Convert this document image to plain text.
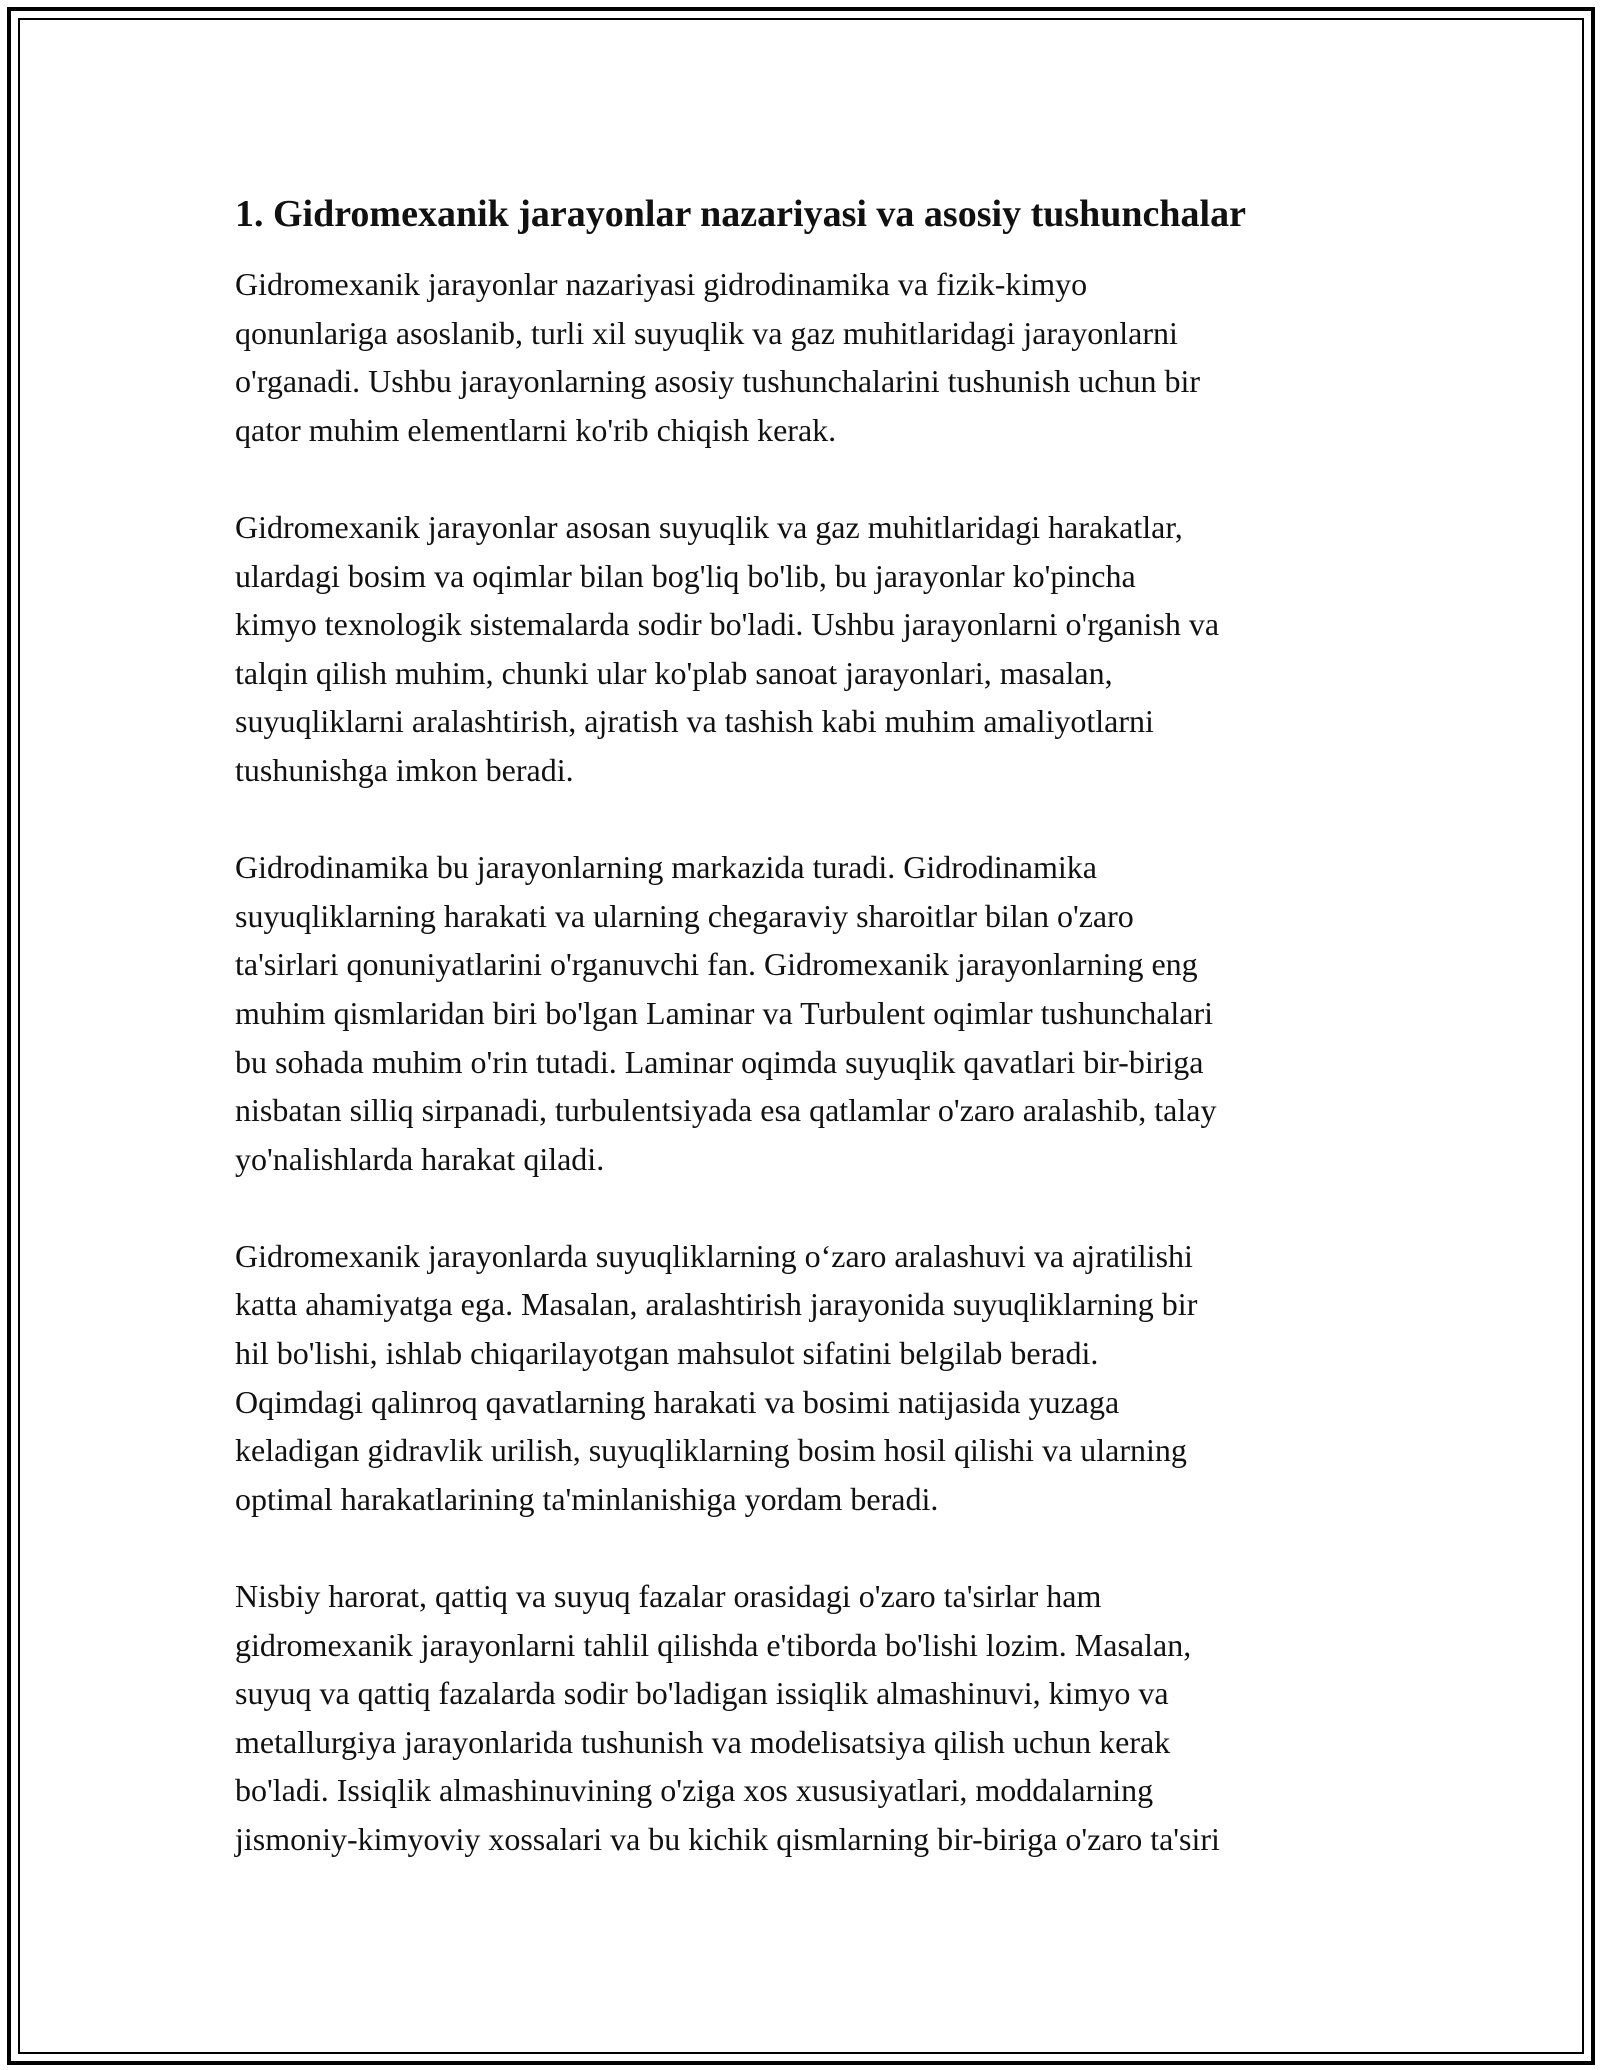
1. Gidromexanik jarayonlar nazariyasi va asosiy tushunchalar

Gidromexanik jarayonlar nazariyasi gidrodinamika va fizik-kimyo
qonunlariga asoslanib, turli xil suyuqlik va gaz muhitlaridagi jarayonlarni
o'rganadi. Ushbu jarayonlarning asosiy tushunchalarini tushunish uchun bir
qator muhim elementlarni ko'rib chiqish kerak.

Gidromexanik jarayonlar asosan suyuqlik va gaz muhitlaridagi harakatlar,
ulardagi bosim va oqimlar bilan bog'liq bo'lib, bu jarayonlar ko'pincha
kimyo texnologik sistemalarda sodir bo'ladi. Ushbu jarayonlarni o'rganish va
talqin qilish muhim, chunki ular ko'plab sanoat jarayonlari, masalan,
suyuqliklarni aralashtirish, ajratish va tashish kabi muhim amaliyotlarni
tushunishga imkon beradi.

Gidrodinamika bu jarayonlarning markazida turadi. Gidrodinamika
suyuqliklarning harakati va ularning chegaraviy sharoitlar bilan o'zaro
ta'sirlari qonuniyatlarini o'rganuvchi fan. Gidromexanik jarayonlarning eng
muhim qismlaridan biri bo'lgan Laminar va Turbulent oqimlar tushunchalari
bu sohada muhim o'rin tutadi. Laminar oqimda suyuqlik qavatlari bir-biriga
nisbatan silliq sirpanadi, turbulentsiyada esa qatlamlar o'zaro aralashib, talay
yo'nalishlarda harakat qiladi.

Gidromexanik jarayonlarda suyuqliklarning o‘zaro aralashuvi va ajratilishi
katta ahamiyatga ega. Masalan, aralashtirish jarayonida suyuqliklarning bir
hil bo'lishi, ishlab chiqarilayotgan mahsulot sifatini belgilab beradi.
Oqimdagi qalinroq qavatlarning harakati va bosimi natijasida yuzaga
keladigan gidravlik urilish, suyuqliklarning bosim hosil qilishi va ularning
optimal harakatlarining ta'minlanishiga yordam beradi.

Nisbiy harorat, qattiq va suyuq fazalar orasidagi o'zaro ta'sirlar ham
gidromexanik jarayonlarni tahlil qilishda e'tiborda bo'lishi lozim. Masalan,
suyuq va qattiq fazalarda sodir bo'ladigan issiqlik almashinuvi, kimyo va
metallurgiya jarayonlarida tushunish va modelisatsiya qilish uchun kerak
bo'ladi. Issiqlik almashinuvining o'ziga xos xususiyatlari, moddalarning
jismoniy-kimyoviy xossalari va bu kichik qismlarning bir-biriga o'zaro ta'siri
